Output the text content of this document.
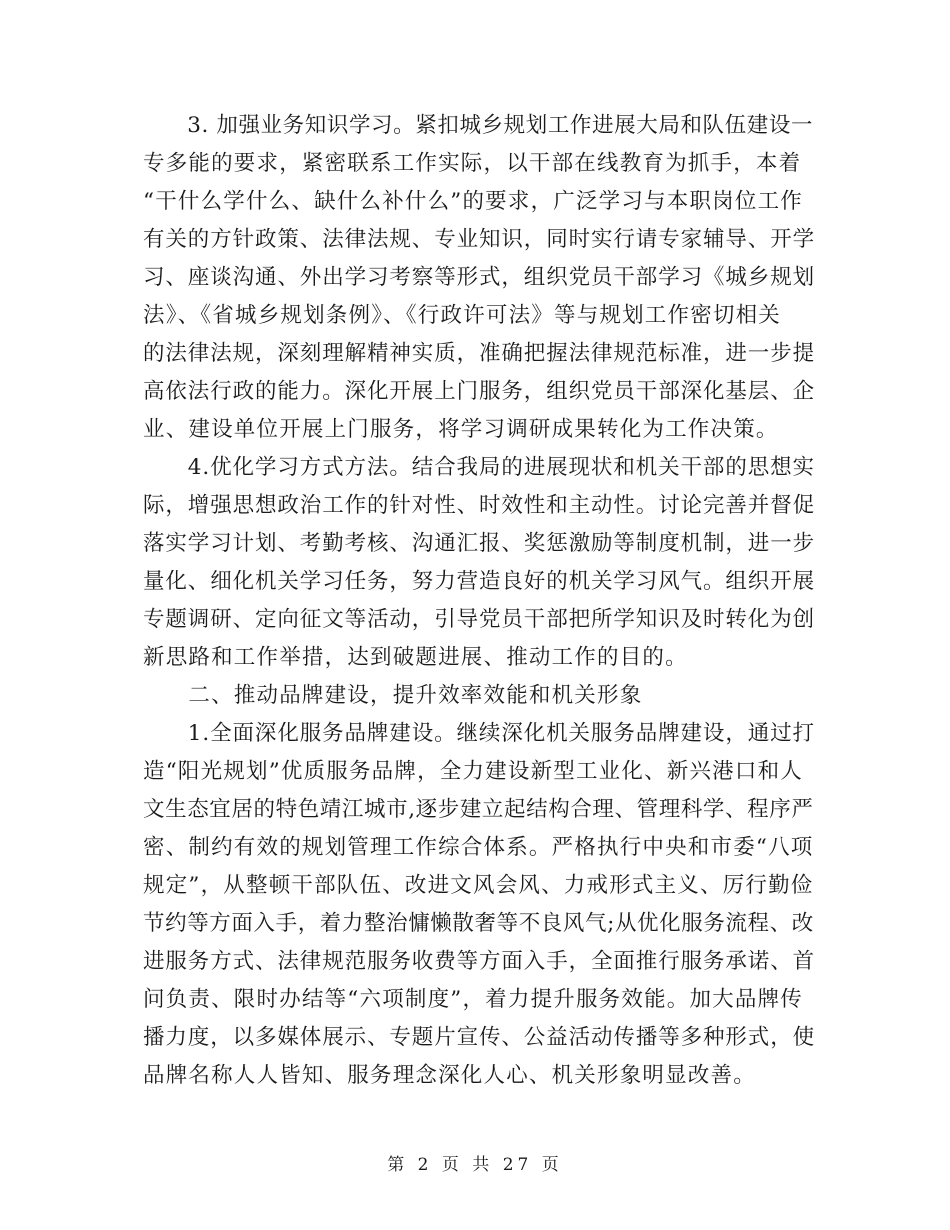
　　3. 加强业务知识学习。紧扣城乡规划工作进展大局和队伍建设一
专多能的要求，紧密联系工作实际，以干部在线教育为抓手，本着
“干什么学什么、缺什么补什么”的要求，广泛学习与本职岗位工作
有关的方针政策、法律法规、专业知识，同时实行请专家辅导、开学
习、座谈沟通、外出学习考察等形式，组织党员干部学习《城乡规划
法》、《省城乡规划条例》、《行政许可法》等与规划工作密切相关
的法律法规，深刻理解精神实质，准确把握法律规范标准，进一步提
高依法行政的能力。深化开展上门服务，组织党员干部深化基层、企
业、建设单位开展上门服务，将学习调研成果转化为工作决策。
　　4.优化学习方式方法。结合我局的进展现状和机关干部的思想实
际，增强思想政治工作的针对性、时效性和主动性。讨论完善并督促
落实学习计划、考勤考核、沟通汇报、奖惩激励等制度机制，进一步
量化、细化机关学习任务，努力营造良好的机关学习风气。组织开展
专题调研、定向征文等活动，引导党员干部把所学知识及时转化为创
新思路和工作举措，达到破题进展、推动工作的目的。
　　二、推动品牌建设，提升效率效能和机关形象
　　1.全面深化服务品牌建设。继续深化机关服务品牌建设，通过打
造“阳光规划”优质服务品牌，全力建设新型工业化、新兴港口和人
文生态宜居的特色靖江城市,逐步建立起结构合理、管理科学、程序严
密、制约有效的规划管理工作综合体系。严格执行中央和市委“八项
规定”，从整顿干部队伍、改进文风会风、力戒形式主义、厉行勤俭
节约等方面入手，着力整治慵懒散奢等不良风气;从优化服务流程、改
进服务方式、法律规范服务收费等方面入手，全面推行服务承诺、首
问负责、限时办结等“六项制度”，着力提升服务效能。加大品牌传
播力度，以多媒体展示、专题片宣传、公益活动传播等多种形式，使
品牌名称人人皆知、服务理念深化人心、机关形象明显改善。
第 2 页 共 27 页
